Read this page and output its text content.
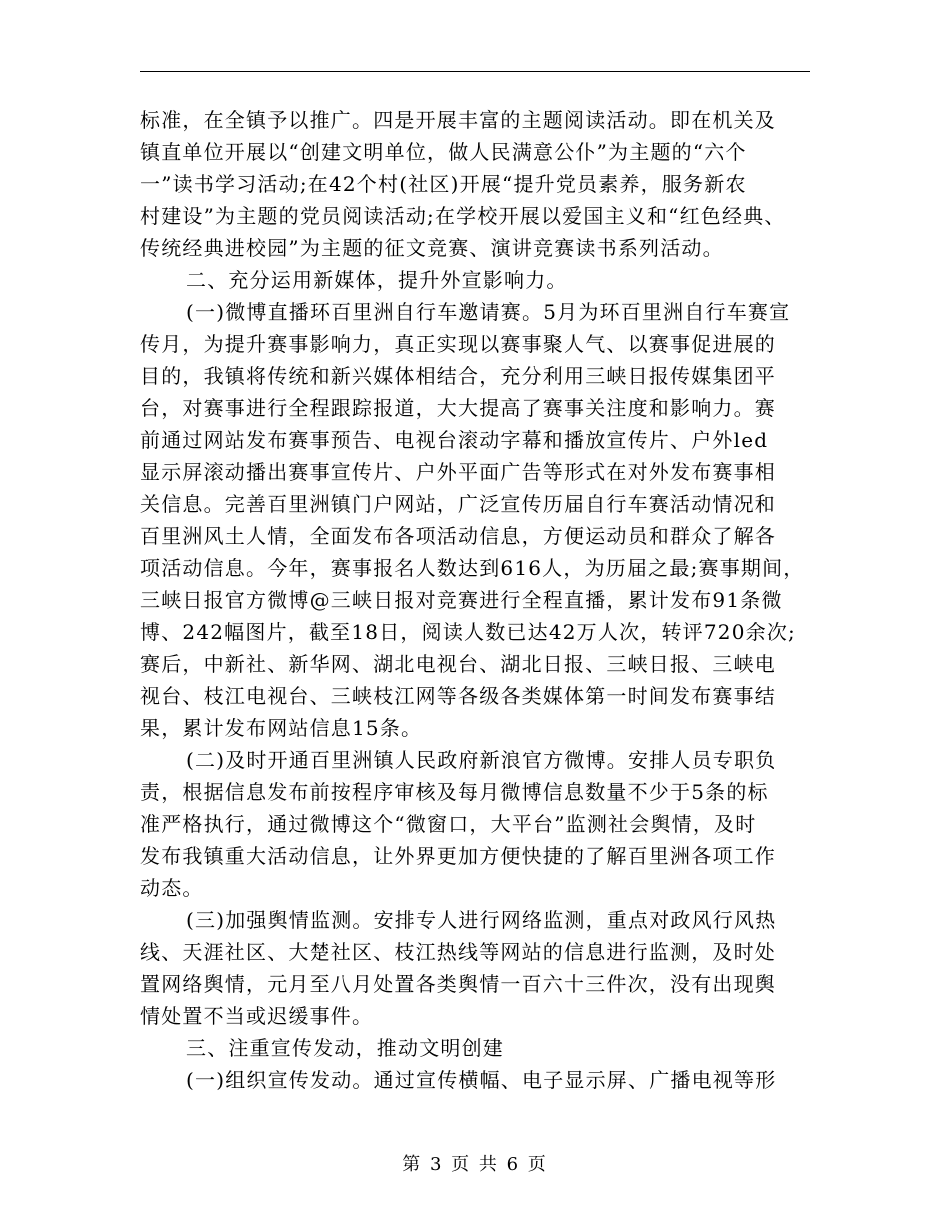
标准，在全镇予以推广。四是开展丰富的主题阅读活动。即在机关及
镇直单位开展以“创建文明单位，做人民满意公仆”为主题的“六个
一”读书学习活动;在42个村(社区)开展“提升党员素养，服务新农
村建设”为主题的党员阅读活动;在学校开展以爱国主义和“红色经典、
传统经典进校园”为主题的征文竞赛、演讲竞赛读书系列活动。
二、充分运用新媒体，提升外宣影响力。
(一)微博直播环百里洲自行车邀请赛。5月为环百里洲自行车赛宣
传月，为提升赛事影响力，真正实现以赛事聚人气、以赛事促进展的
目的，我镇将传统和新兴媒体相结合，充分利用三峡日报传媒集团平
台，对赛事进行全程跟踪报道，大大提高了赛事关注度和影响力。赛
前通过网站发布赛事预告、电视台滚动字幕和播放宣传片、户外led
显示屏滚动播出赛事宣传片、户外平面广告等形式在对外发布赛事相
关信息。完善百里洲镇门户网站，广泛宣传历届自行车赛活动情况和
百里洲风土人情，全面发布各项活动信息，方便运动员和群众了解各
项活动信息。今年，赛事报名人数达到616人，为历届之最;赛事期间，
三峡日报官方微博@三峡日报对竞赛进行全程直播，累计发布91条微
博、242幅图片，截至18日，阅读人数已达42万人次，转评720余次;
赛后，中新社、新华网、湖北电视台、湖北日报、三峡日报、三峡电
视台、枝江电视台、三峡枝江网等各级各类媒体第一时间发布赛事结
果，累计发布网站信息15条。
(二)及时开通百里洲镇人民政府新浪官方微博。安排人员专职负
责，根据信息发布前按程序审核及每月微博信息数量不少于5条的标
准严格执行，通过微博这个“微窗口，大平台”监测社会舆情，及时
发布我镇重大活动信息，让外界更加方便快捷的了解百里洲各项工作
动态。
(三)加强舆情监测。安排专人进行网络监测，重点对政风行风热
线、天涯社区、大楚社区、枝江热线等网站的信息进行监测，及时处
置网络舆情，元月至八月处置各类舆情一百六十三件次，没有出现舆
情处置不当或迟缓事件。
三、注重宣传发动，推动文明创建
(一)组织宣传发动。通过宣传横幅、电子显示屏、广播电视等形
第 3 页 共 6 页
